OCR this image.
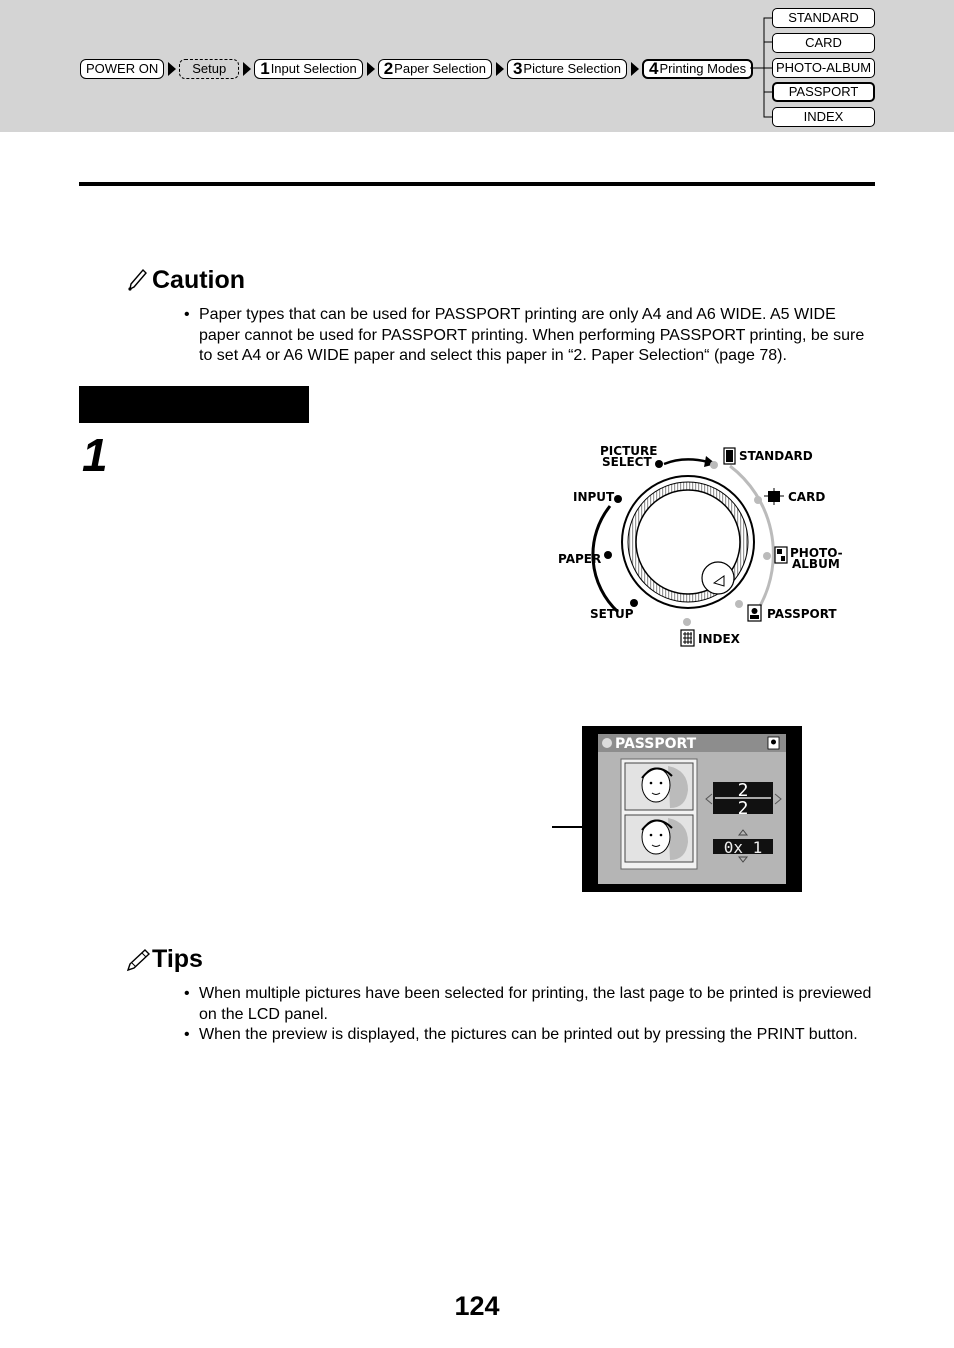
POWER ON	Setup 1 Input Selection 2 Paper Selection 3 Picture Selection 4 Printing Modes
STANDARD
CARD
PHOTO-ALBUM
PASSPORT
INDEX
Caution
• Paper types that can be used for PASSPORT printing are only A4 and A6 WIDE. A5 WIDE paper cannot be used for PASSPORT printing. When performing PASSPORT printing, be sure to set A4 or A6 WIDE paper and select this paper in “2. Paper Selection“ (page 78).
1	PICTURE
SELECT
INPUT
PAPER
SETUP
STANDARD
CARD
PHOTO-
ALBUM
PASSPORT
INDEX
PASSPORT
2
2
0x 1
Tips
• When multiple pictures have been selected for printing, the last page to be printed is previewed on the LCD panel.
• When the preview is displayed, the pictures can be printed out by pressing the PRINT button.
124
